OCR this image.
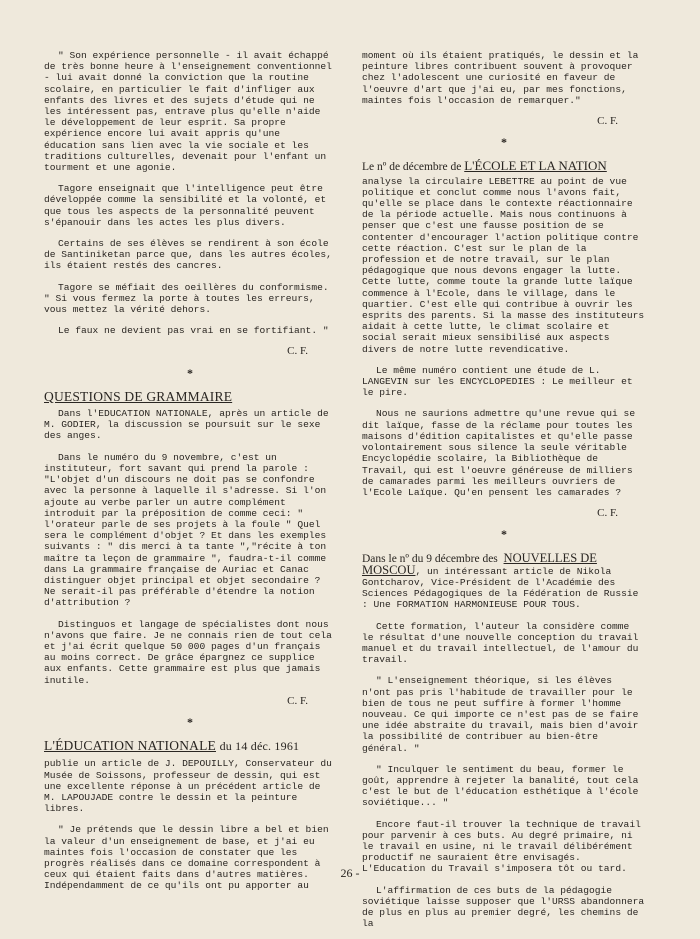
" Son expérience personnelle - il avait échappé de très bonne heure à l'enseignement conventionnel - lui avait donné la conviction que la routine scolaire, en particulier le fait d'infliger aux enfants des livres et des sujets d'étude qui ne les intéressent pas, entrave plus qu'elle n'aide le développement de leur esprit. Sa propre expérience encore lui avait appris qu'une éducation sans lien avec la vie sociale et les traditions culturelles, devenait pour l'enfant un tourment et une agonie.

Tagore enseignait que l'intelligence peut être développée comme la sensibilité et la volonté, et que tous les aspects de la personnalité peuvent s'épanouir dans les actes les plus divers.

Certains de ses élèves se rendirent à son école de Santiniketan parce que, dans les autres écoles, ils étaient restés des cancres.

Tagore se méfiait des oeillères du conformisme. " Si vous fermez la porte à toutes les erreurs, vous mettez la vérité dehors.

Le faux ne devient pas vrai en se fortifiant. "

C. F.
*
QUESTIONS DE GRAMMAIRE

Dans l'EDUCATION NATIONALE, après un article de M. GODIER, la discussion se poursuit sur le sexe des anges.

Dans le numéro du 9 novembre, c'est un instituteur, fort savant qui prend la parole : "L'objet d'un discours ne doit pas se confondre avec la personne à laquelle il s'adresse. Si l'on ajoute au verbe parler un autre complément introduit par la préposition de comme ceci: " l'orateur parle de ses projets à la foule " Quel sera le complément d'objet ? Et dans les exemples suivants : " dis merci à ta tante ","récite à ton maître ta leçon de grammaire ", faudra-t-il comme dans La grammaire française de Auriac et Canac distinguer objet principal et objet secondaire ? Ne serait-il pas préférable d'étendre la notion d'attribution ?

Distinguos et langage de spécialistes dont nous n'avons que faire. Je ne connais rien de tout cela et j'ai écrit quelque 50 000 pages d'un français au moins correct. De grâce épargnez ce supplice aux enfants. Cette grammaire est plus que jamais inutile.

C. F.
*
L'ÉDUCATION NATIONALE du 14 déc. 1961

publie un article de J. DEPOUILLY, Conservateur du Musée de Soissons, professeur de dessin, qui est une excellente réponse à un précédent article de M. LAPOUJADE contre le dessin et la peinture libres.

" Je prétends que le dessin libre a bel et bien la valeur d'un enseignement de base, et j'ai eu maintes fois l'occasion de constater que les progrès réalisés dans ce domaine correspondent à ceux qui étaient faits dans d'autres matières. Indépendamment de ce qu'ils ont pu apporter au

moment où ils étaient pratiqués, le dessin et la peinture libres contribuent souvent à provoquer chez l'adolescent une curiosité en faveur de l'oeuvre d'art que j'ai eu, par mes fonctions, maintes fois l'occasion de remarquer."

C. F.
*
Le nº de décembre de L'ÉCOLE ET LA NATION

analyse la circulaire LEBETTRE au point de vue politique et conclut comme nous l'avons fait, qu'elle se place dans le contexte réactionnaire de la période actuelle. Mais nous continuons à penser que c'est une fausse position de se contenter d'encourager l'action politique contre cette réaction. C'est sur le plan de la profession et de notre travail, sur le plan pédagogique que nous devons engager la lutte. Cette lutte, comme toute la grande lutte laïque commence à l'Ecole, dans le village, dans le quartier. C'est elle qui contribue à ouvrir les esprits des parents. Si la masse des instituteurs aidait à cette lutte, le climat scolaire et social serait mieux sensibilisé aux aspects divers de notre lutte revendicative.

Le même numéro contient une étude de L. LANGEVIN sur les ENCYCLOPEDIES : Le meilleur et le pire.

Nous ne saurions admettre qu'une revue qui se dit laïque, fasse de la réclame pour toutes les maisons d'édition capitalistes et qu'elle passe volontairement sous silence la seule véritable Encyclopédie scolaire, la Bibliothèque de Travail, qui est l'oeuvre généreuse de milliers de camarades parmi les meilleurs ouvriers de l'Ecole Laïque. Qu'en pensent les camarades ?

C. F.
*

Dans le nº du 9 décembre des NOUVELLES DE MOSCOU, un intéressant article de Nikola Gontcharov, Vice-Président de l'Académie des Sciences Pédagogiques de la Fédération de Russie : Une FORMATION HARMONIEUSE POUR TOUS.

Cette formation, l'auteur la considère comme le résultat d'une nouvelle conception du travail manuel et du travail intellectuel, de l'amour du travail.

" L'enseignement théorique, si les élèves n'ont pas pris l'habitude de travailler pour le bien de tous ne peut suffire à former l'homme nouveau. Ce qui importe ce n'est pas de se faire une idée abstraite du travail, mais bien d'avoir la possibilité de contribuer au bien-être général. "

" Inculquer le sentiment du beau, former le goût, apprendre à rejeter la banalité, tout cela c'est le but de l'éducation esthétique à l'école soviétique... "

Encore faut-il trouver la technique de travail pour parvenir à ces buts. Au degré primaire, ni le travail en usine, ni le travail délibérément productif ne sauraient être envisagés. L'Education du Travail s'imposera tôt ou tard.

L'affirmation de ces buts de la pédagogie soviétique laisse supposer que l'URSS abandonnera de plus en plus au premier degré, les chemins de la

26 -
